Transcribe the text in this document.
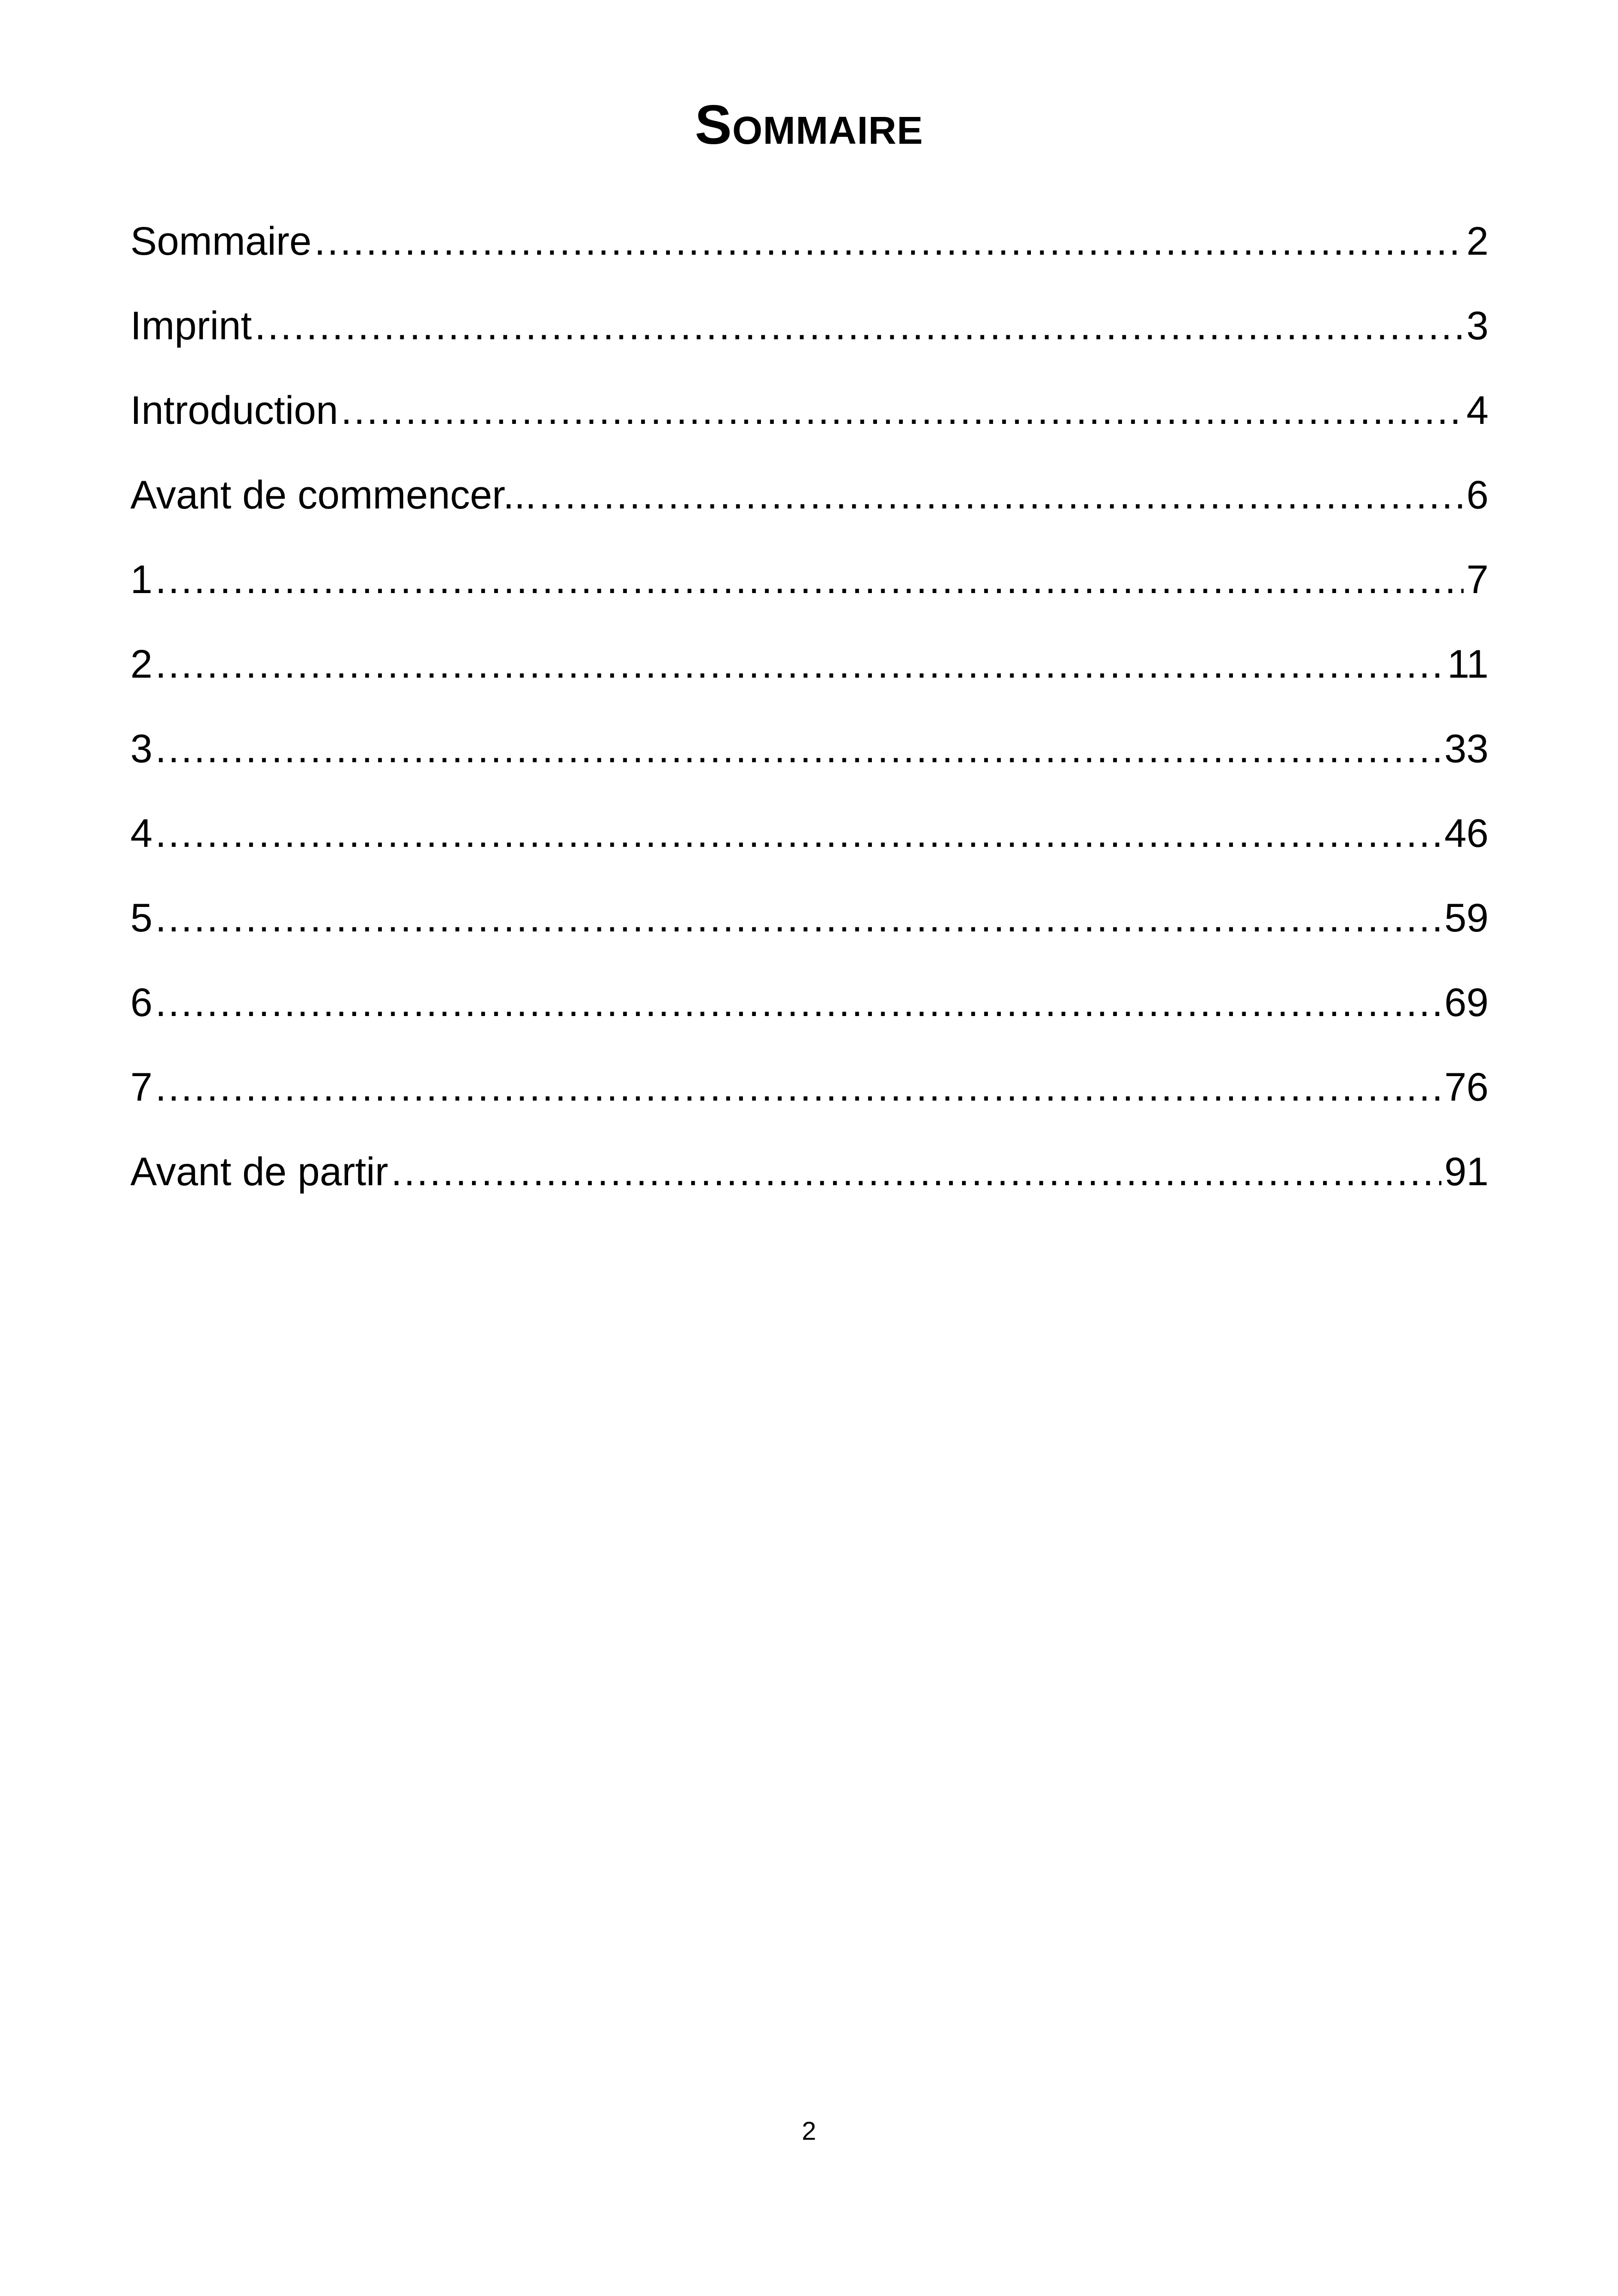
Sommaire
Sommaire .....	2
Imprint .....	3
Introduction .....	4
Avant de commencer... .....	6
1 .....	7
2 .....	11
3 .....	33
4 .....	46
5 .....	59
6 .....	69
7 .....	76
Avant de partir .....	91
2
